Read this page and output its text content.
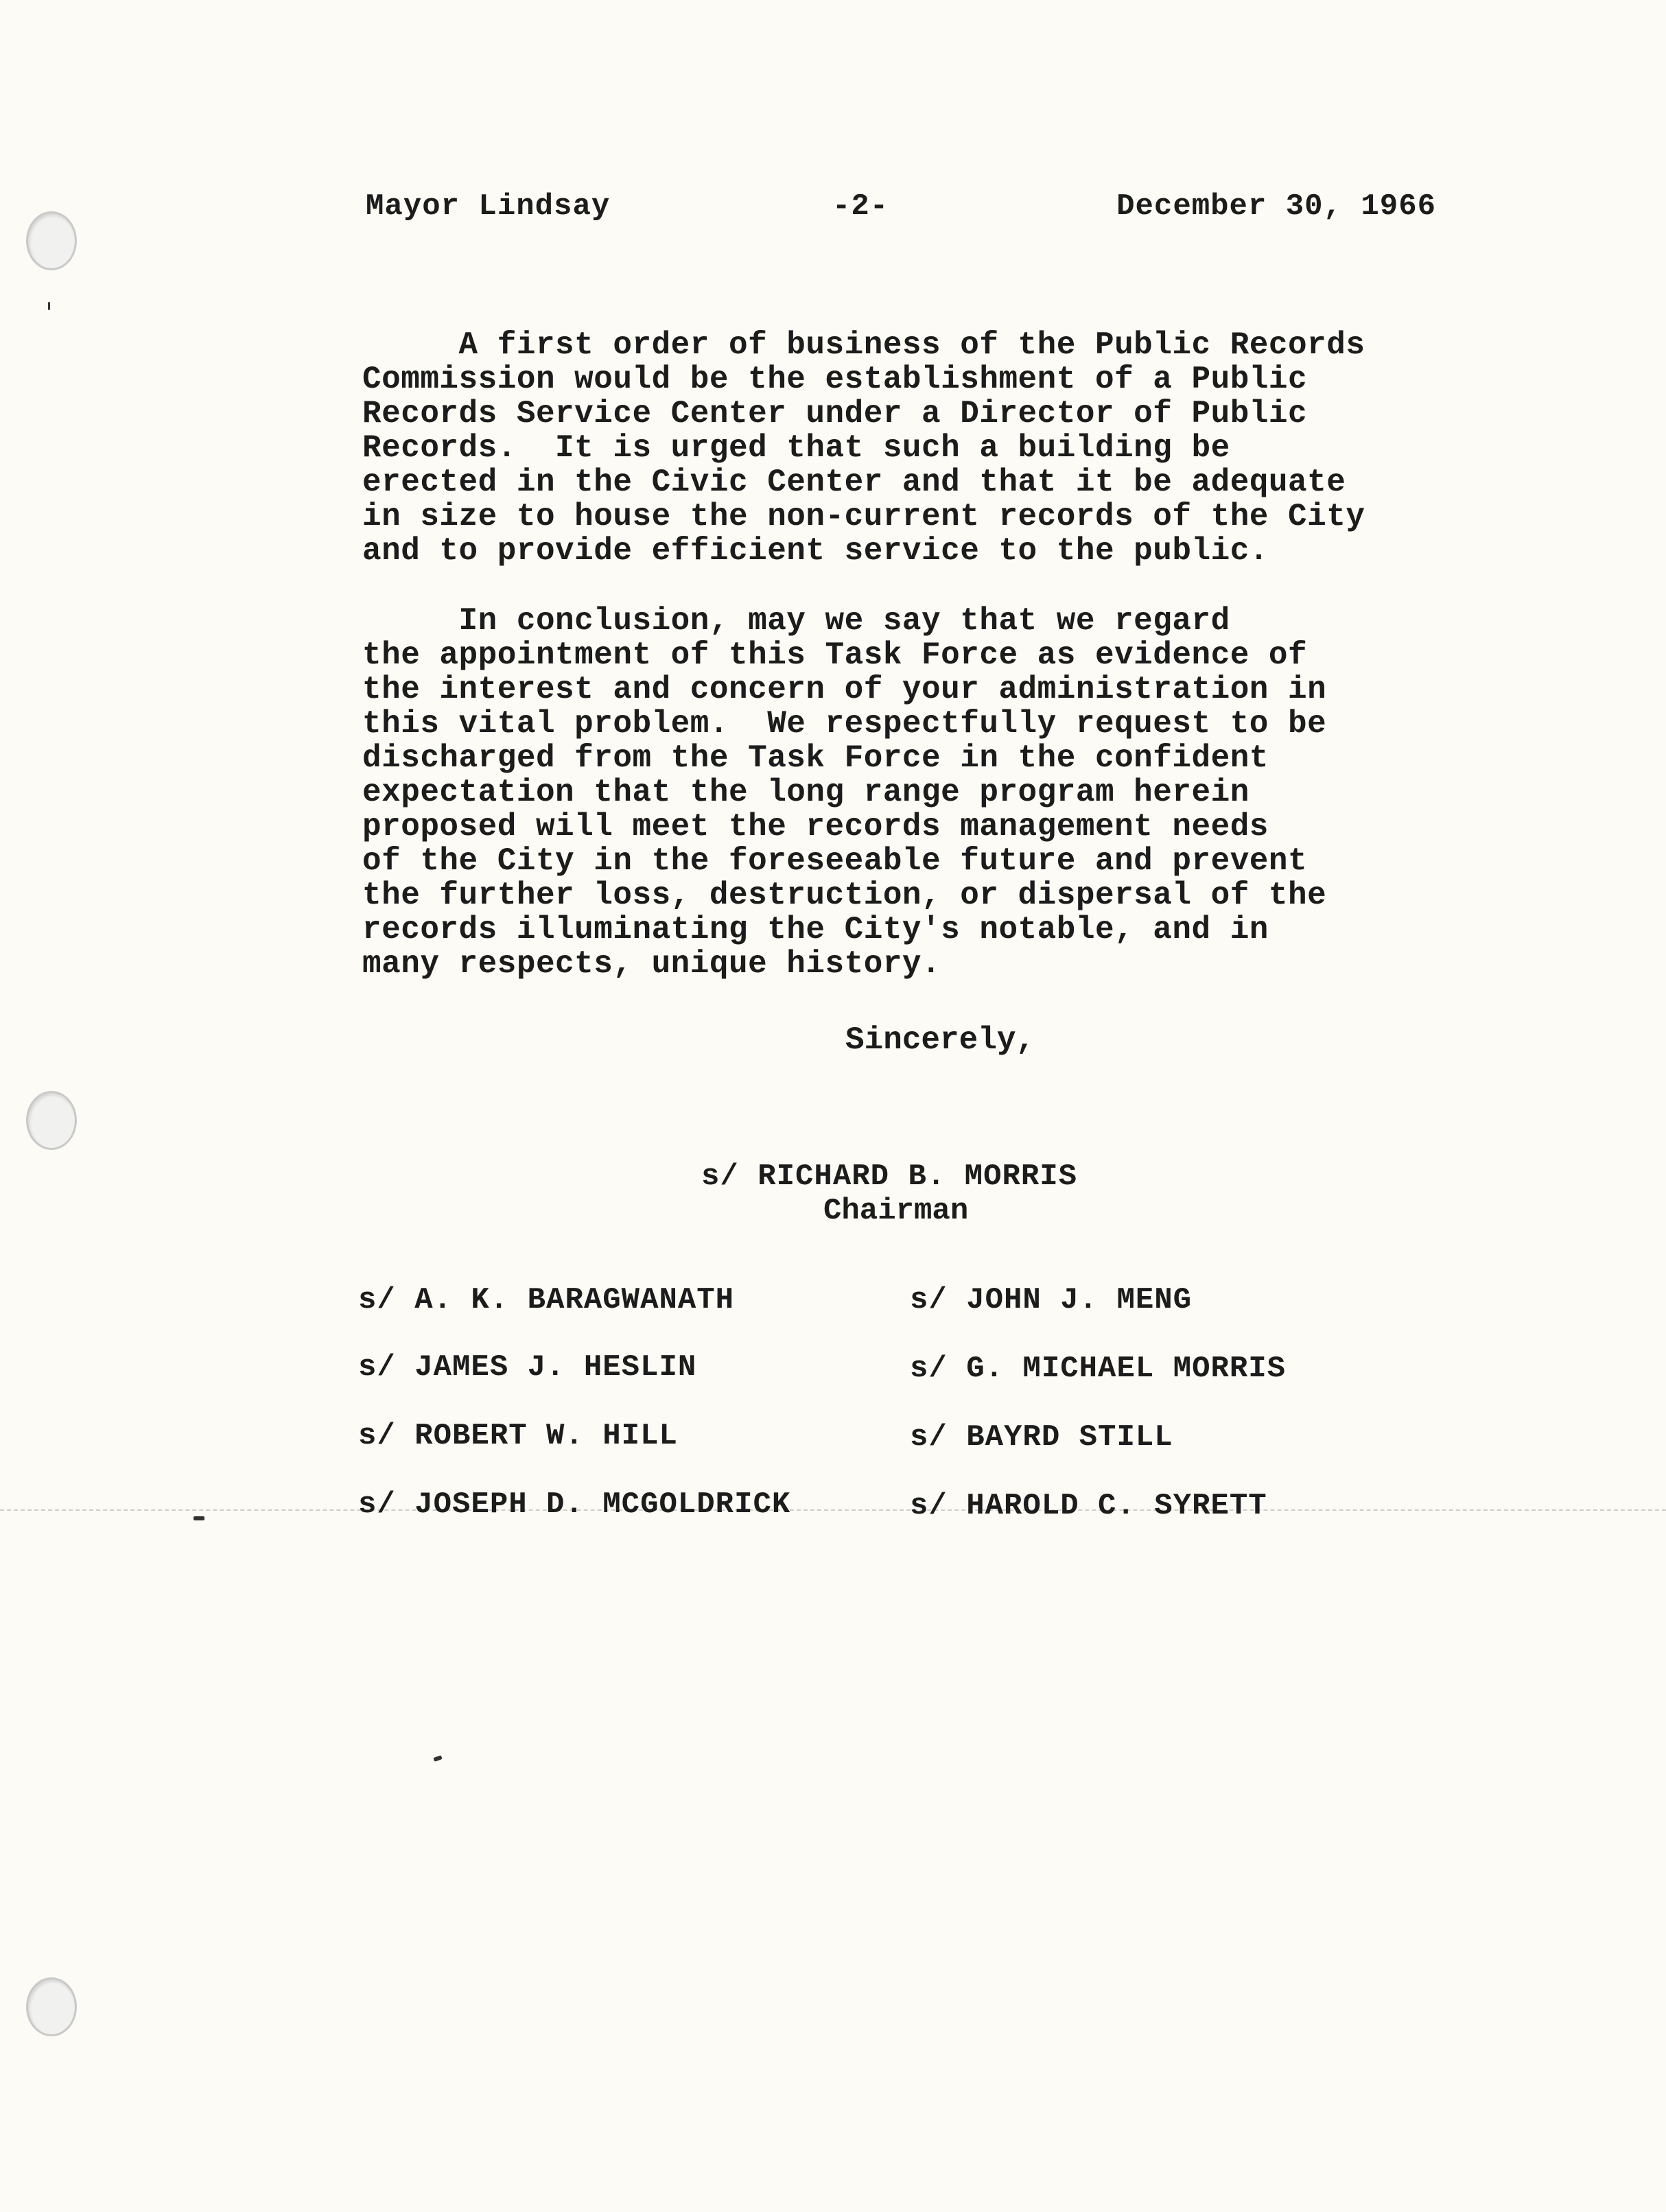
Mayor Lindsay	-2-	December 30, 1966
A first order of business of the Public Records
Commission would be the establishment of a Public
Records Service Center under a Director of Public
Records.  It is urged that such a building be
erected in the Civic Center and that it be adequate
in size to house the non-current records of the City
and to provide efficient service to the public.
In conclusion, may we say that we regard
the appointment of this Task Force as evidence of
the interest and concern of your administration in
this vital problem.  We respectfully request to be
discharged from the Task Force in the confident
expectation that the long range program herein
proposed will meet the records management needs
of the City in the foreseeable future and prevent
the further loss, destruction, or dispersal of the
records illuminating the City's notable, and in
many respects, unique history.
Sincerely,
s/ RICHARD B. MORRIS
Chairman
s/ A. K. BARAGWANATH
s/ JAMES J. HESLIN
s/ ROBERT W. HILL
s/ JOSEPH D. MCGOLDRICK
s/ JOHN J. MENG
s/ G. MICHAEL MORRIS
s/ BAYRD STILL
s/ HAROLD C. SYRETT
